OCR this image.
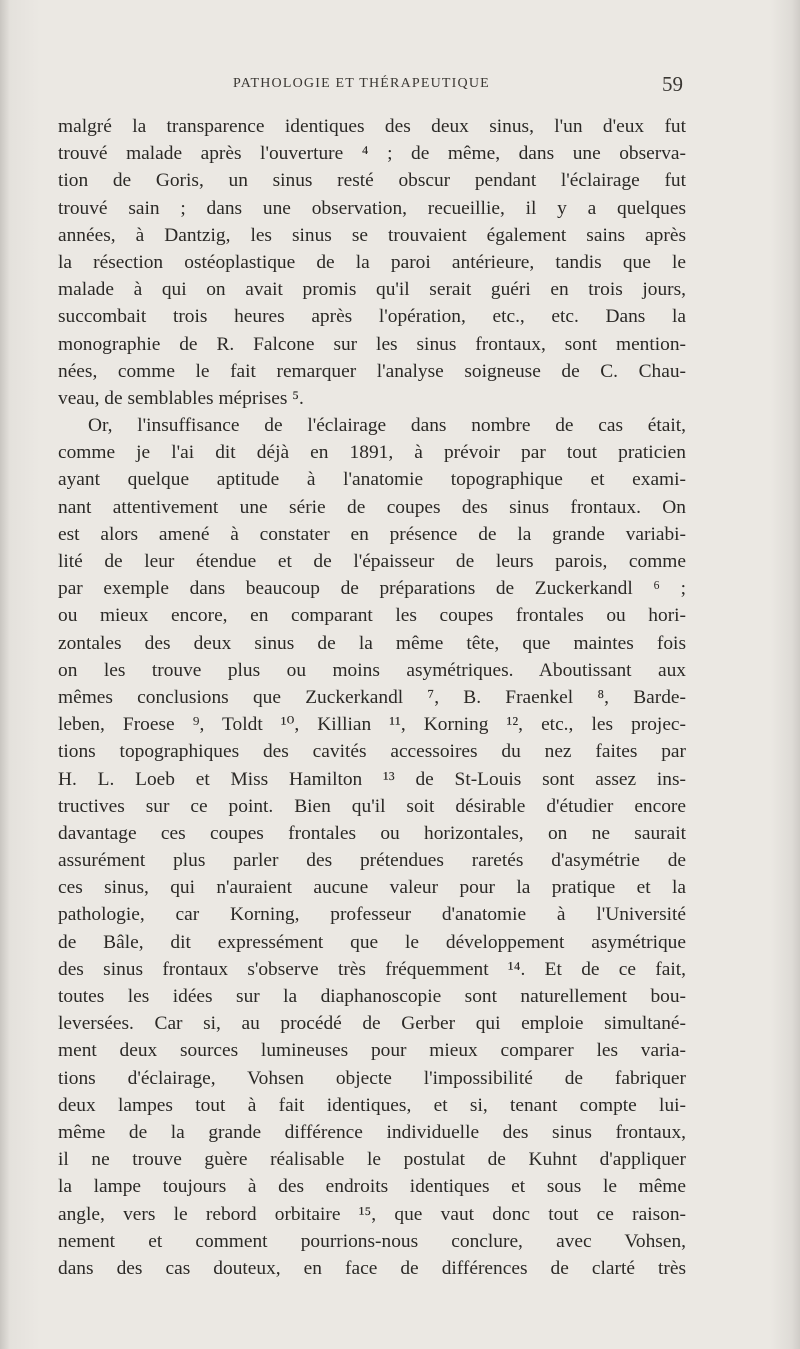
PATHOLOGIE ET THÉRAPEUTIQUE	59
malgré la transparence identiques des deux sinus, l'un d'eux fut
trouvé malade après l'ouverture ⁴ ; de même, dans une observa-
tion de Goris, un sinus resté obscur pendant l'éclairage fut
trouvé sain ; dans une observation, recueillie, il y a quelques
années, à Dantzig, les sinus se trouvaient également sains après
la résection ostéoplastique de la paroi antérieure, tandis que le
malade à qui on avait promis qu'il serait guéri en trois jours,
succombait trois heures après l'opération, etc., etc. Dans la
monographie de R. Falcone sur les sinus frontaux, sont mention-
nées, comme le fait remarquer l'analyse soigneuse de C. Chau-
veau, de semblables méprises ⁵.
Or, l'insuffisance de l'éclairage dans nombre de cas était,
comme je l'ai dit déjà en 1891, à prévoir par tout praticien
ayant quelque aptitude à l'anatomie topographique et exami-
nant attentivement une série de coupes des sinus frontaux. On
est alors amené à constater en présence de la grande variabi-
lité de leur étendue et de l'épaisseur de leurs parois, comme
par exemple dans beaucoup de préparations de Zuckerkandl ⁶ ;
ou mieux encore, en comparant les coupes frontales ou hori-
zontales des deux sinus de la même tête, que maintes fois
on les trouve plus ou moins asymétriques. Aboutissant aux
mêmes conclusions que Zuckerkandl ⁷, B. Fraenkel ⁸, Barde-
leben, Froese ⁹, Toldt ¹⁰, Killian ¹¹, Korning ¹², etc., les projec-
tions topographiques des cavités accessoires du nez faites par
H. L. Loeb et Miss Hamilton ¹³ de St-Louis sont assez ins-
tructives sur ce point. Bien qu'il soit désirable d'étudier encore
davantage ces coupes frontales ou horizontales, on ne saurait
assurément plus parler des prétendues raretés d'asymétrie de
ces sinus, qui n'auraient aucune valeur pour la pratique et la
pathologie, car Korning, professeur d'anatomie à l'Université
de Bâle, dit expressément que le développement asymétrique
des sinus frontaux s'observe très fréquemment ¹⁴. Et de ce fait,
toutes les idées sur la diaphanoscopie sont naturellement bou-
leversées. Car si, au procédé de Gerber qui emploie simultané-
ment deux sources lumineuses pour mieux comparer les varia-
tions d'éclairage, Vohsen objecte l'impossibilité de fabriquer
deux lampes tout à fait identiques, et si, tenant compte lui-
même de la grande différence individuelle des sinus frontaux,
il ne trouve guère réalisable le postulat de Kuhnt d'appliquer
la lampe toujours à des endroits identiques et sous le même
angle, vers le rebord orbitaire ¹⁵, que vaut donc tout ce raison-
nement et comment pourrions-nous conclure, avec Vohsen,
dans des cas douteux, en face de différences de clarté très
